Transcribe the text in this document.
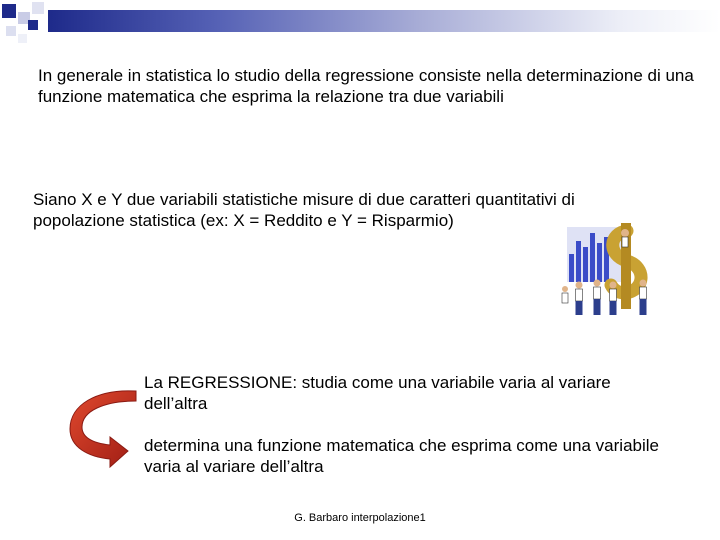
In generale in statistica lo studio della regressione consiste nella determinazione di una funzione matematica che esprima la relazione tra due variabili

Siano X e Y due variabili statistiche misure di due caratteri quantitativi di popolazione statistica (ex: X = Reddito e Y = Risparmio)

La REGRESSIONE: studia come una variabile varia al variare dell’altra

determina una funzione matematica che esprima come una variabile varia al variare dell’altra

G. Barbaro interpolazione1
